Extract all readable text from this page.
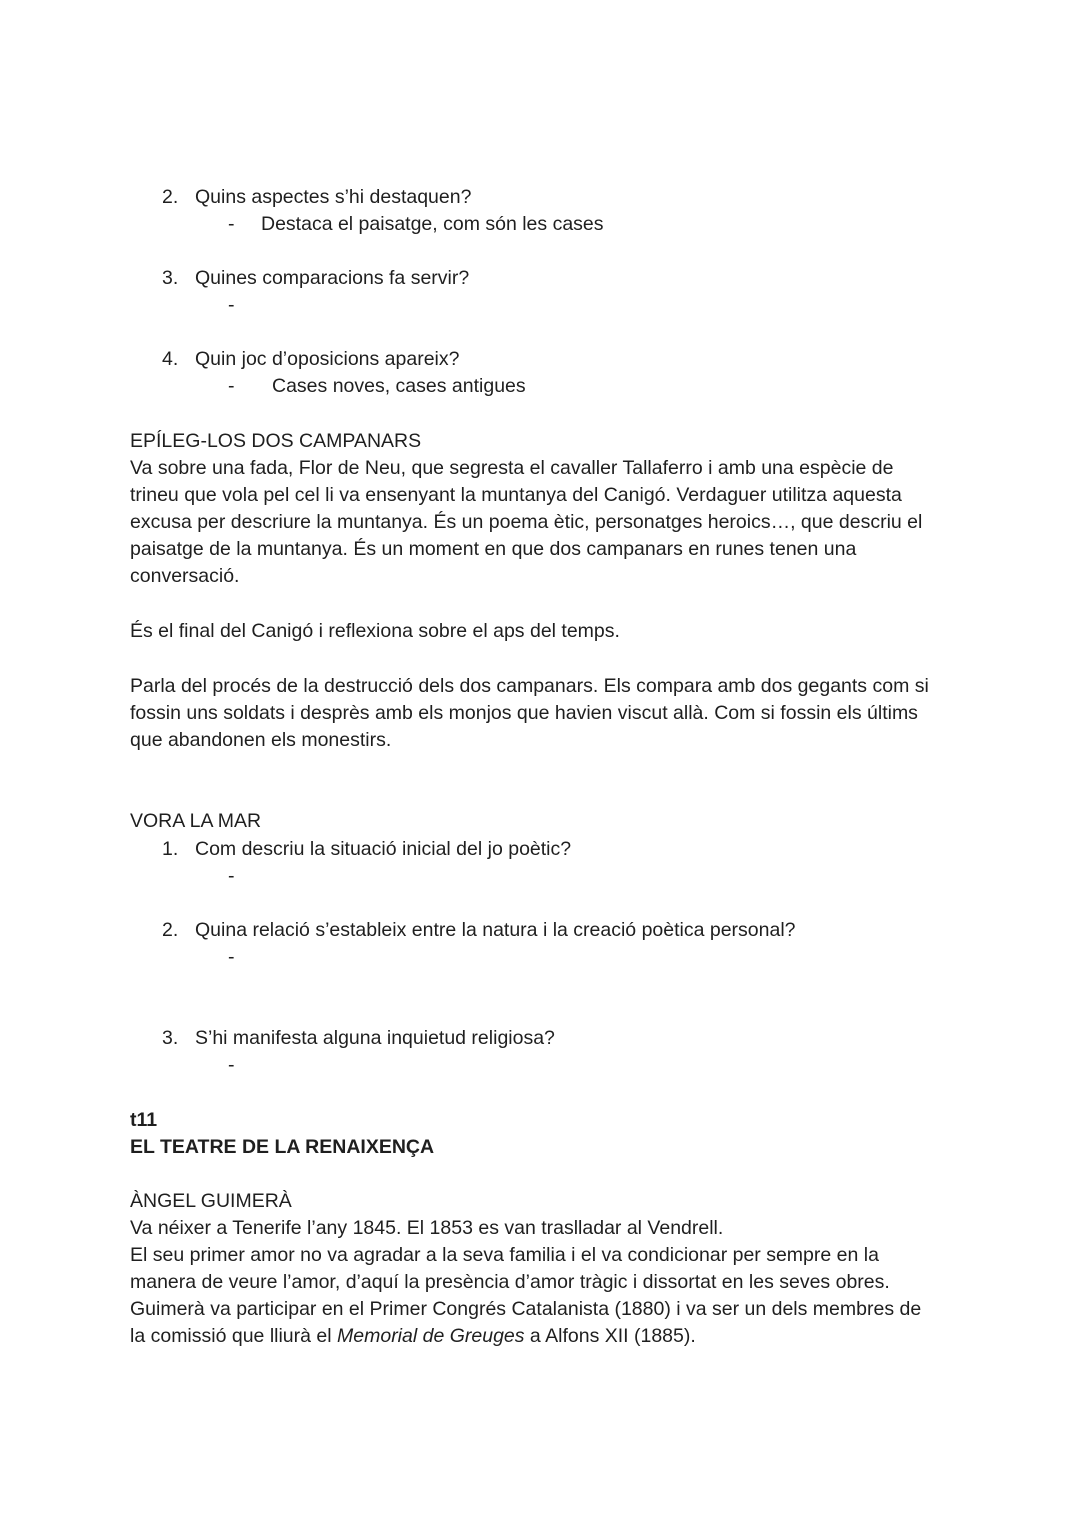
2. Quins aspectes s’hi destaquen?
- Destaca el paisatge, com són les cases
3. Quines comparacions fa servir?
-
4. Quin joc d’oposicions apareix?
- Cases noves, cases antigues
EPÍLEG-LOS DOS CAMPANARS
Va sobre una fada, Flor de Neu, que segresta el cavaller Tallaferro i amb una espècie de
trineu que vola pel cel li va ensenyant la muntanya del Canigó. Verdaguer utilitza aquesta
excusa per descriure la muntanya. És un poema ètic, personatges heroics…, que descriu el
paisatge de la muntanya. És un moment en que dos campanars en runes tenen una
conversació.
És el final del Canigó i reflexiona sobre el aps del temps.
Parla del procés de la destrucció dels dos campanars. Els compara amb dos gegants com si
fossin uns soldats i desprès amb els monjos que havien viscut allà. Com si fossin els últims
que abandonen els monestirs.
VORA LA MAR
1. Com descriu la situació inicial del jo poètic?
-
2. Quina relació s’estableix entre la natura i la creació poètica personal?
-
3. S’hi manifesta alguna inquietud religiosa?
-
t11
EL TEATRE DE LA RENAIXENÇA
ÀNGEL GUIMERÀ
Va néixer a Tenerife l’any 1845. El 1853 es van traslladar al Vendrell.
El seu primer amor no va agradar a la seva familia i el va condicionar per sempre en la
manera de veure l’amor, d’aquí la presència d’amor tràgic i dissortat en les seves obres.
Guimerà va participar en el Primer Congrés Catalanista (1880) i va ser un dels membres de
la comissió que lliurà el Memorial de Greuges a Alfons XII (1885).
